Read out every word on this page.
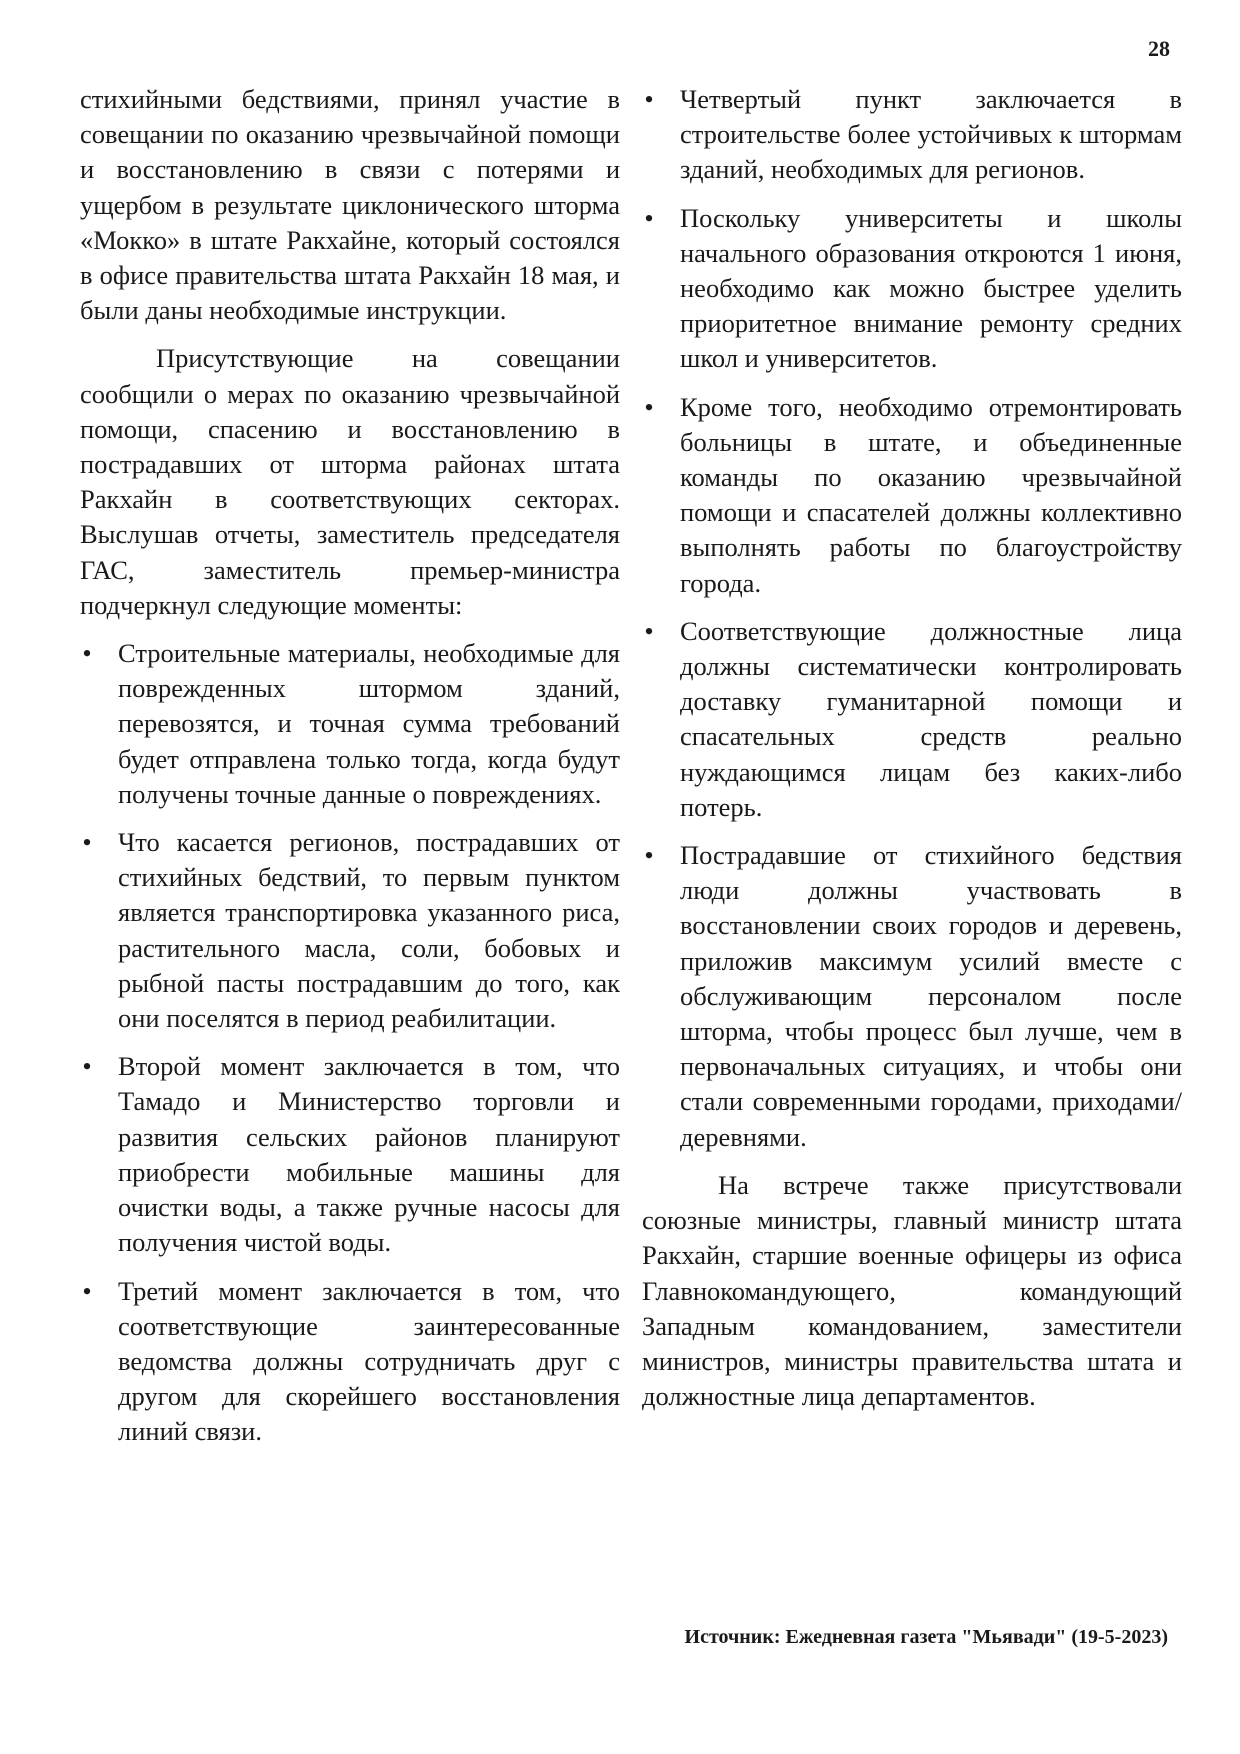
28

стихийными бедствиями, принял участие в совещании по оказанию чрезвычайной помощи и восстановлению в связи с потерями и ущербом в результате циклонического шторма «Мокко» в штате Ракхайне, который состоялся в офисе правительства штата Ракхайн 18 мая, и были даны необходимые инструкции.

Присутствующие на совещании сообщили о мерах по оказанию чрезвычайной помощи, спасению и восстановлению в пострадавших от шторма районах штата Ракхайн в соответствующих секторах. Выслушав отчеты, заместитель председателя ГАС, заместитель премьер-министра подчеркнул следующие моменты:

• Строительные материалы, необходимые для поврежденных штормом зданий, перевозятся, и точная сумма требований будет отправлена только тогда, когда будут получены точные данные о повреждениях.
• Что касается регионов, пострадавших от стихийных бедствий, то первым пунктом является транспортировка указанного риса, растительного масла, соли, бобовых и рыбной пасты пострадавшим до того, как они поселятся в период реабилитации.
• Второй момент заключается в том, что Тамадо и Министерство торговли и развития сельских районов планируют приобрести мобильные машины для очистки воды, а также ручные насосы для получения чистой воды.
• Третий момент заключается в том, что соответствующие заинтересованные ведомства должны сотрудничать друг с другом для скорейшего восстановления линий связи.
• Четвертый пункт заключается в строительстве более устойчивых к штормам зданий, необходимых для регионов.
• Поскольку университеты и школы начального образования откроются 1 июня, необходимо как можно быстрее уделить приоритетное внимание ремонту средних школ и университетов.
• Кроме того, необходимо отремонтировать больницы в штате, и объединенные команды по оказанию чрезвычайной помощи и спасателей должны коллективно выполнять работы по благоустройству города.
• Соответствующие должностные лица должны систематически контролировать доставку гуманитарной помощи и спасательных средств реально нуждающимся лицам без каких-либо потерь.
• Пострадавшие от стихийного бедствия люди должны участвовать в восстановлении своих городов и деревень, приложив максимум усилий вместе с обслуживающим персоналом после шторма, чтобы процесс был лучше, чем в первоначальных ситуациях, и чтобы они стали современными городами, приходами/ деревнями.

На встрече также присутствовали союзные министры, главный министр штата Ракхайн, старшие военные офицеры из офиса Главнокомандующего, командующий Западным командованием, заместители министров, министры правительства штата и должностные лица департаментов.

Источник: Ежедневная газета "Мьявади" (19-5-2023)
